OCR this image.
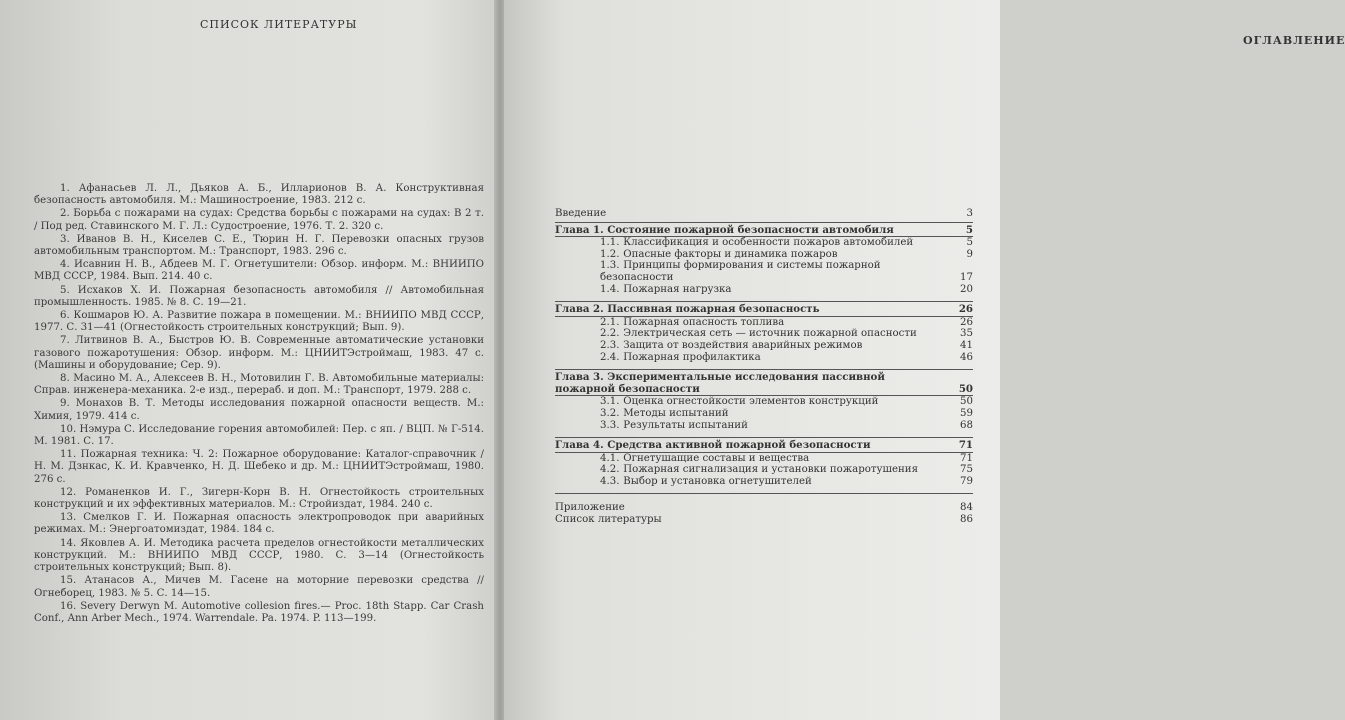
СПИСОК ЛИТЕРАТУРЫ
1. Афанасьев Л. Л., Дьяков А. Б., Илларионов В. А. Конструктивная безопасность автомобиля. М.: Машиностроение, 1983. 212 с.
2. Борьба с пожарами на судах: Средства борьбы с пожарами на судах: В 2 т. / Под ред. Ставинского М. Г. Л.: Судостроение, 1976. Т. 2. 320 с.
3. Иванов В. Н., Киселев С. Е., Тюрин Н. Г. Перевозки опасных грузов автомобильным транспортом. М.: Транспорт, 1983. 296 с.
4. Исавнин Н. В., Абдеев М. Г. Огнетушители: Обзор. информ. М.: ВНИИПО МВД СССР, 1984. Вып. 214. 40 с.
5. Исхаков Х. И. Пожарная безопасность автомобиля // Автомобильная промышленность. 1985. № 8. С. 19—21.
6. Кошмаров Ю. А. Развитие пожара в помещении. М.: ВНИИПО МВД СССР, 1977. С. 31—41 (Огнестойкость строительных конструкций; Вып. 9).
7. Литвинов В. А., Быстров Ю. В. Современные автоматические установки газового пожаротушения: Обзор. информ. М.: ЦНИИТЭстроймаш, 1983. 47 с. (Машины и оборудование; Сер. 9).
8. Масино М. А., Алексеев В. Н., Мотовилин Г. В. Автомобильные материалы: Справ. инженера-механика. 2-е изд., перераб. и доп. М.: Транспорт, 1979. 288 с.
9. Монахов В. Т. Методы исследования пожарной опасности веществ. М.: Химия, 1979. 414 с.
10. Нэмура С. Исследование горения автомобилей: Пер. с яп. / ВЦП. № Г-514. М. 1981. С. 17.
11. Пожарная техника: Ч. 2: Пожарное оборудование: Каталог-справочник / Н. М. Дзнкас, К. И. Кравченко, Н. Д. Шебеко и др. М.: ЦНИИТЭстроймаш, 1980. 276 с.
12. Романенков И. Г., Зигерн-Корн В. Н. Огнестойкость строительных конструкций и их эффективных материалов. М.: Стройиздат, 1984. 240 с.
13. Смелков Г. И. Пожарная опасность электропроводок при аварийных режимах. М.: Энергоатомиздат, 1984. 184 с.
14. Яковлев А. И. Методика расчета пределов огнестойкости металлических конструкций. М.: ВНИИПО МВД СССР, 1980. С. 3—14 (Огнестойкость строительных конструкций; Вып. 8).
15. Атанасов А., Мичев М. Гасене на моторние перевозки средства // Огнеборец, 1983. № 5. С. 14—15.
16. Severy Derwyn M. Automotive collesion fires.— Proc. 18th Stapp. Car Crash Conf., Ann Arber Mech., 1974. Warrendale. Pa. 1974. P. 113—199.
ОГЛАВЛЕНИЕ
Введение	3
Глава 1. Состояние пожарной безопасности автомобиля	5
1.1. Классификация и особенности пожаров автомобилей	5
1.2. Опасные факторы и динамика пожаров	9
1.3. Принципы формирования и системы пожарной безопасности	17
1.4. Пожарная нагрузка	20
Глава 2. Пассивная пожарная безопасность	26
2.1. Пожарная опасность топлива	26
2.2. Электрическая сеть — источник пожарной опасности	35
2.3. Защита от воздействия аварийных режимов	41
2.4. Пожарная профилактика	46
Глава 3. Экспериментальные исследования пассивной пожарной безопасности	50
3.1. Оценка огнестойкости элементов конструкций	50
3.2. Методы испытаний	59
3.3. Результаты испытаний	68
Глава 4. Средства активной пожарной безопасности	71
4.1. Огнетушащие составы и вещества	71
4.2. Пожарная сигнализация и установки пожаротушения	75
4.3. Выбор и установка огнетушителей	79
Приложение	84
Список литературы	86
